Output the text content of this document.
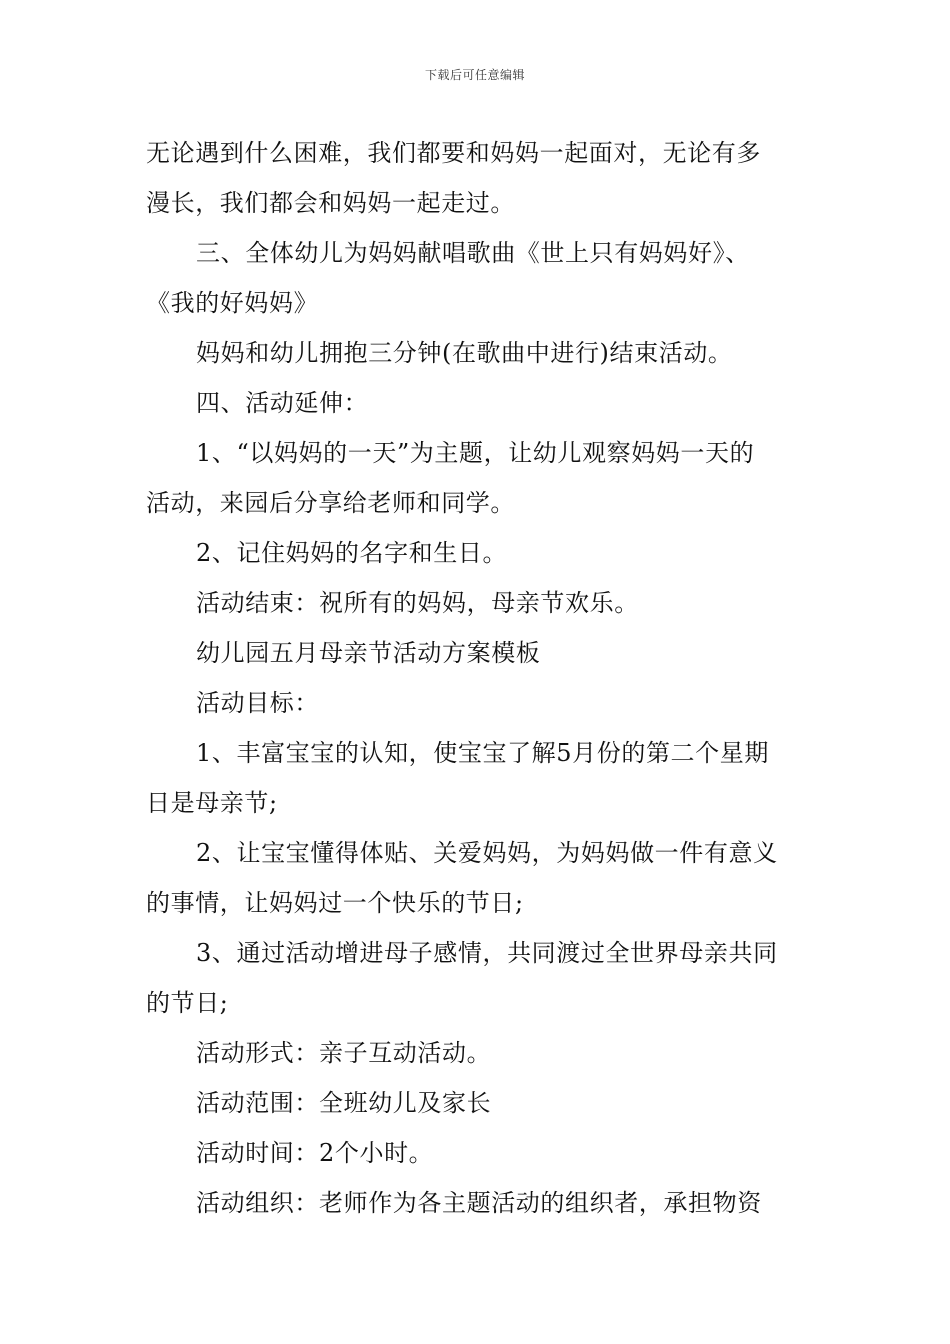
下载后可任意编辑

无论遇到什么困难，我们都要和妈妈一起面对，无论有多

漫长，我们都会和妈妈一起走过。

三、全体幼儿为妈妈献唱歌曲《世上只有妈妈好》、

《我的好妈妈》

妈妈和幼儿拥抱三分钟(在歌曲中进行)结束活动。

四、活动延伸：

1、“以妈妈的一天”为主题，让幼儿观察妈妈一天的

活动，来园后分享给老师和同学。

2、记住妈妈的名字和生日。

活动结束：祝所有的妈妈，母亲节欢乐。

幼儿园五月母亲节活动方案模板

活动目标：

1、丰富宝宝的认知，使宝宝了解5月份的第二个星期

日是母亲节;

2、让宝宝懂得体贴、关爱妈妈，为妈妈做一件有意义

的事情，让妈妈过一个快乐的节日;

3、通过活动增进母子感情，共同渡过全世界母亲共同

的节日;

活动形式：亲子互动活动。

活动范围：全班幼儿及家长

活动时间：2个小时。

活动组织：老师作为各主题活动的组织者，承担物资
